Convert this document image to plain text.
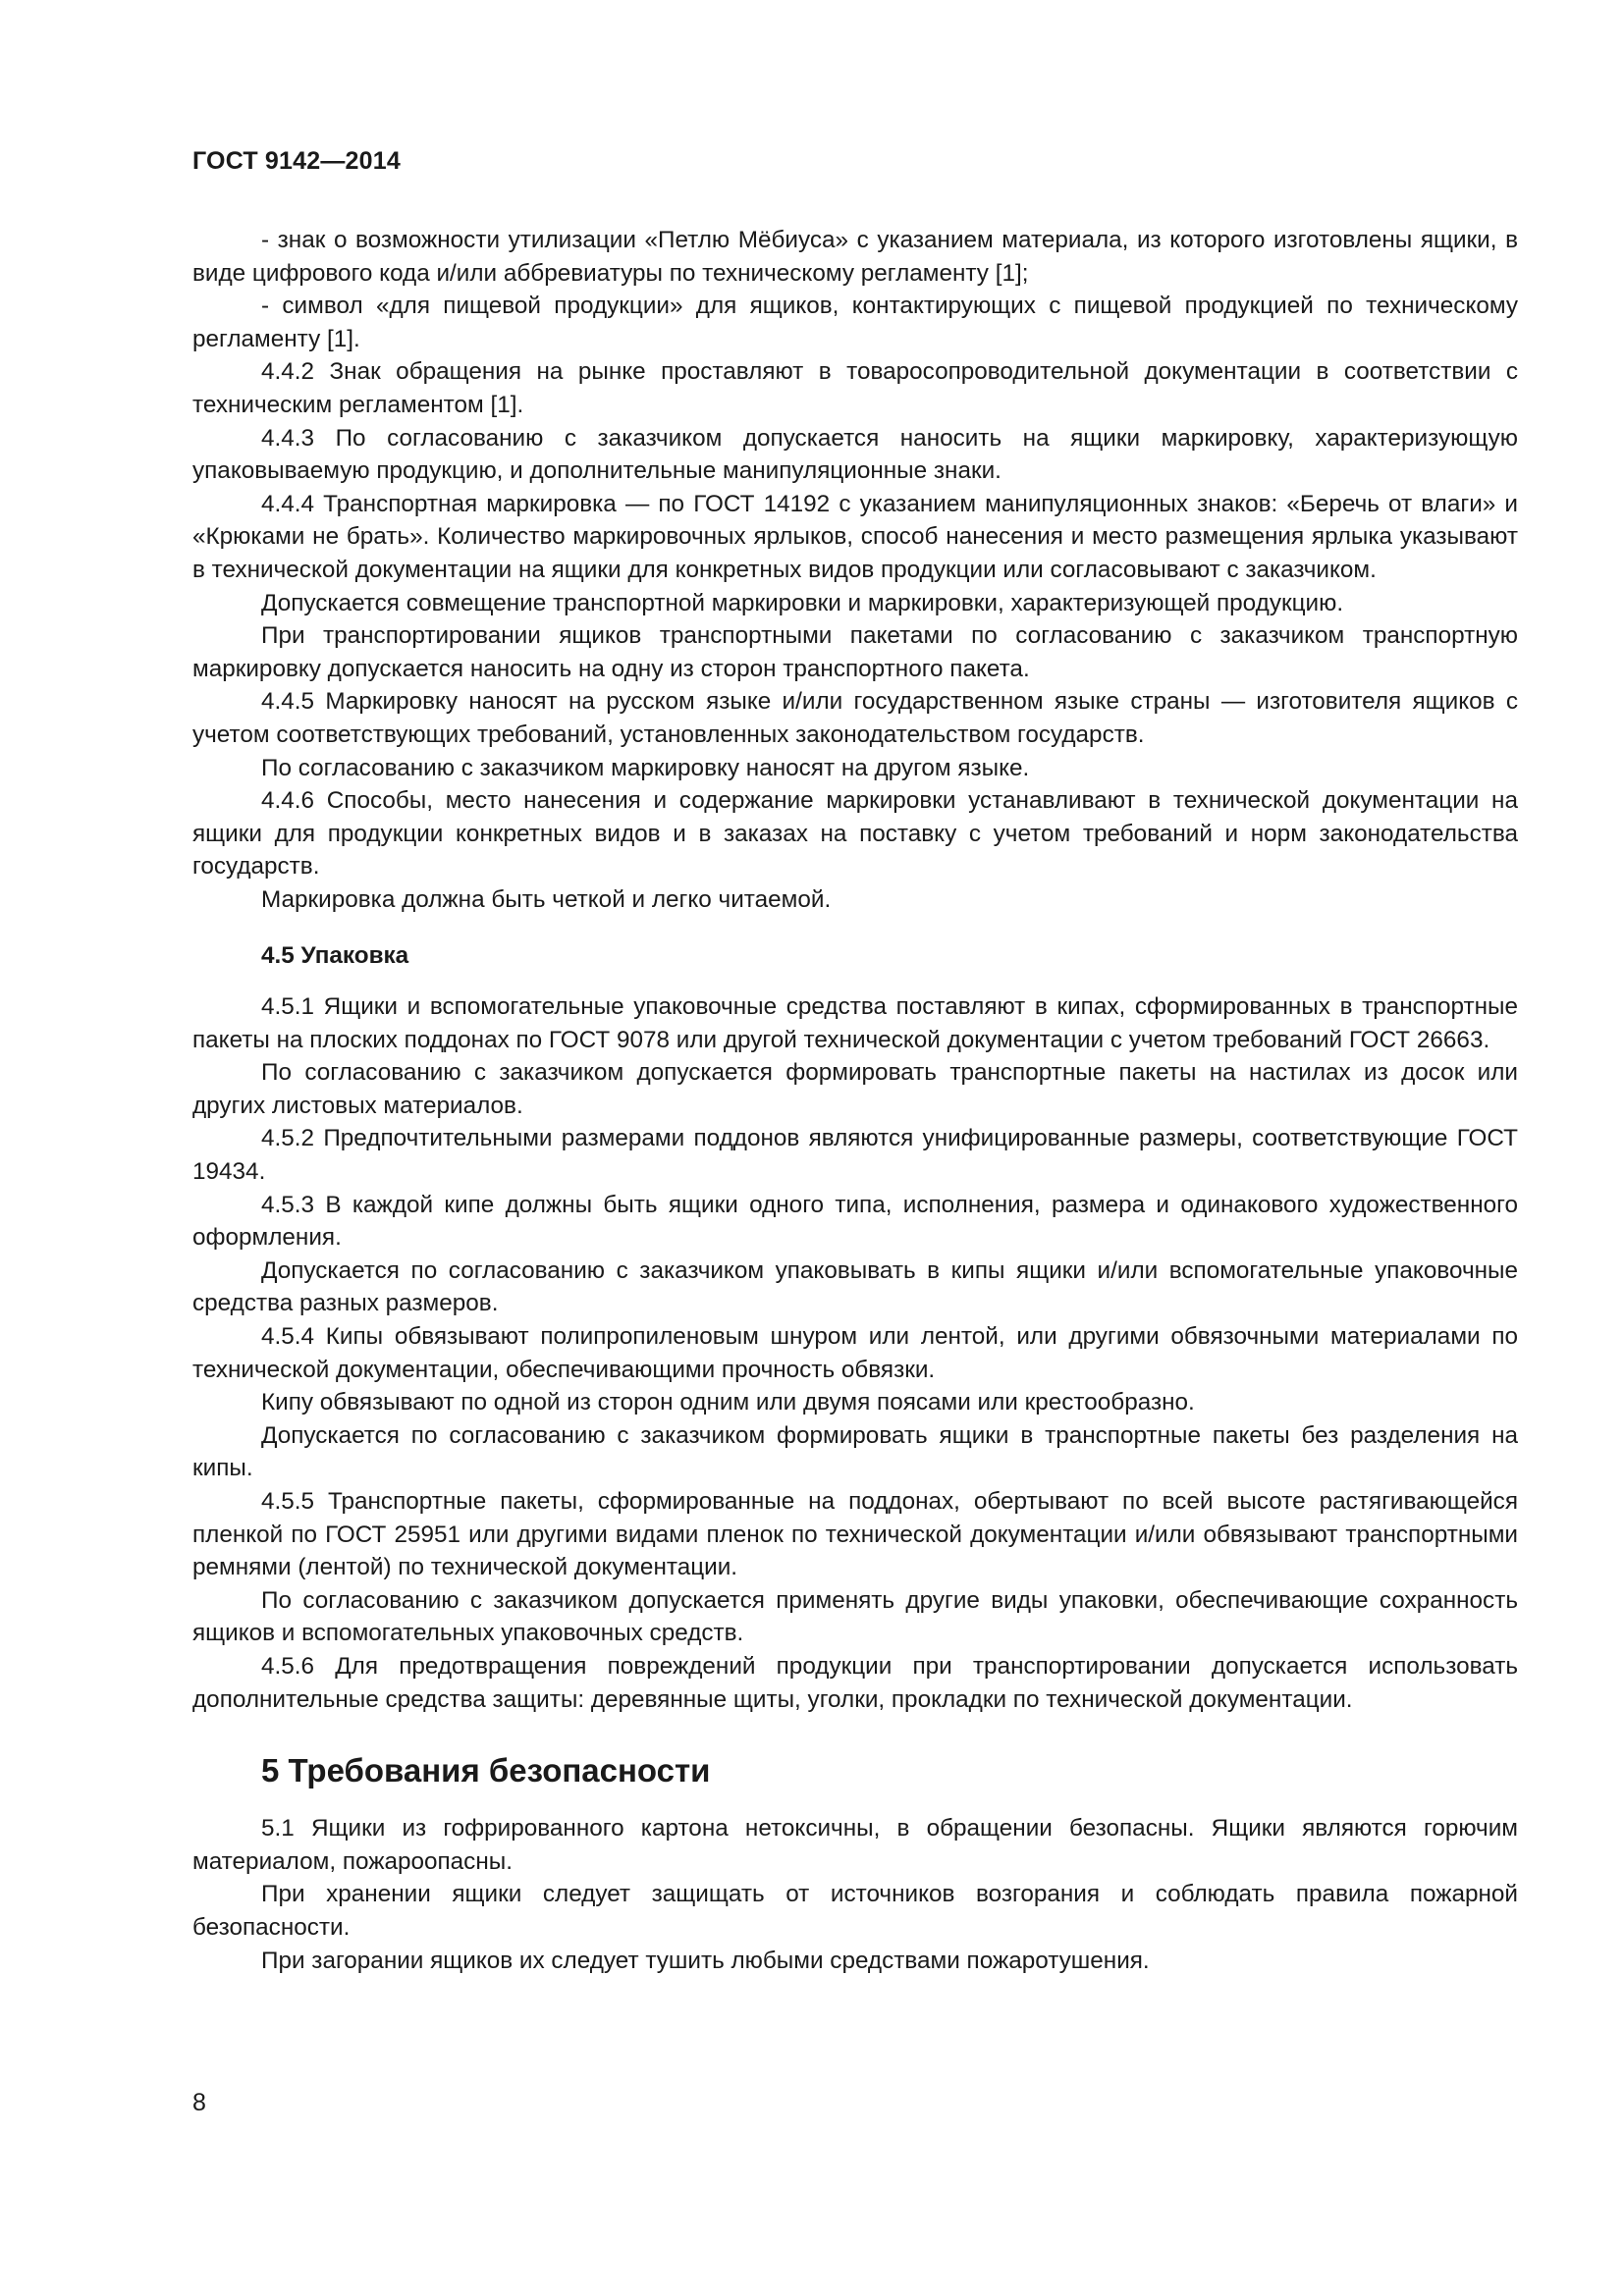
ГОСТ 9142—2014

- знак о возможности утилизации «Петлю Мёбиуса» с указанием материала, из которого изготовлены ящики, в виде цифрового кода и/или аббревиатуры по техническому регламенту [1];

- символ «для пищевой продукции» для ящиков, контактирующих с пищевой продукцией по техническому регламенту [1].

4.4.2 Знак обращения на рынке проставляют в товаросопроводительной документации в соответствии с техническим регламентом [1].

4.4.3 По согласованию с заказчиком допускается наносить на ящики маркировку, характеризующую упаковываемую продукцию, и дополнительные манипуляционные знаки.

4.4.4 Транспортная маркировка — по ГОСТ 14192 с указанием манипуляционных знаков: «Беречь от влаги» и «Крюками не брать». Количество маркировочных ярлыков, способ нанесения и место размещения ярлыка указывают в технической документации на ящики для конкретных видов продукции или согласовывают с заказчиком.

Допускается совмещение транспортной маркировки и маркировки, характеризующей продукцию.

При транспортировании ящиков транспортными пакетами по согласованию с заказчиком транспортную маркировку допускается наносить на одну из сторон транспортного пакета.

4.4.5 Маркировку наносят на русском языке и/или государственном языке страны — изготовителя ящиков с учетом соответствующих требований, установленных законодательством государств.

По согласованию с заказчиком маркировку наносят на другом языке.

4.4.6 Способы, место нанесения и содержание маркировки устанавливают в технической документации на ящики для продукции конкретных видов и в заказах на поставку с учетом требований и норм законодательства государств.

Маркировка должна быть четкой и легко читаемой.

4.5 Упаковка

4.5.1 Ящики и вспомогательные упаковочные средства поставляют в кипах, сформированных в транспортные пакеты на плоских поддонах по ГОСТ 9078 или другой технической документации с учетом требований ГОСТ 26663.

По согласованию с заказчиком допускается формировать транспортные пакеты на настилах из досок или других листовых материалов.

4.5.2 Предпочтительными размерами поддонов являются унифицированные размеры, соответствующие ГОСТ 19434.

4.5.3 В каждой кипе должны быть ящики одного типа, исполнения, размера и одинакового художественного оформления.

Допускается по согласованию с заказчиком упаковывать в кипы ящики и/или вспомогательные упаковочные средства разных размеров.

4.5.4 Кипы обвязывают полипропиленовым шнуром или лентой, или другими обвязочными материалами по технической документации, обеспечивающими прочность обвязки.

Кипу обвязывают по одной из сторон одним или двумя поясами или крестообразно.

Допускается по согласованию с заказчиком формировать ящики в транспортные пакеты без разделения на кипы.

4.5.5 Транспортные пакеты, сформированные на поддонах, обертывают по всей высоте растягивающейся пленкой по ГОСТ 25951 или другими видами пленок по технической документации и/или обвязывают транспортными ремнями (лентой) по технической документации.

По согласованию с заказчиком допускается применять другие виды упаковки, обеспечивающие сохранность ящиков и вспомогательных упаковочных средств.

4.5.6 Для предотвращения повреждений продукции при транспортировании допускается использовать дополнительные средства защиты: деревянные щиты, уголки, прокладки по технической документации.

5 Требования безопасности

5.1 Ящики из гофрированного картона нетоксичны, в обращении безопасны. Ящики являются горючим материалом, пожароопасны.

При хранении ящики следует защищать от источников возгорания и соблюдать правила пожарной безопасности.

При загорании ящиков их следует тушить любыми средствами пожаротушения.

8
